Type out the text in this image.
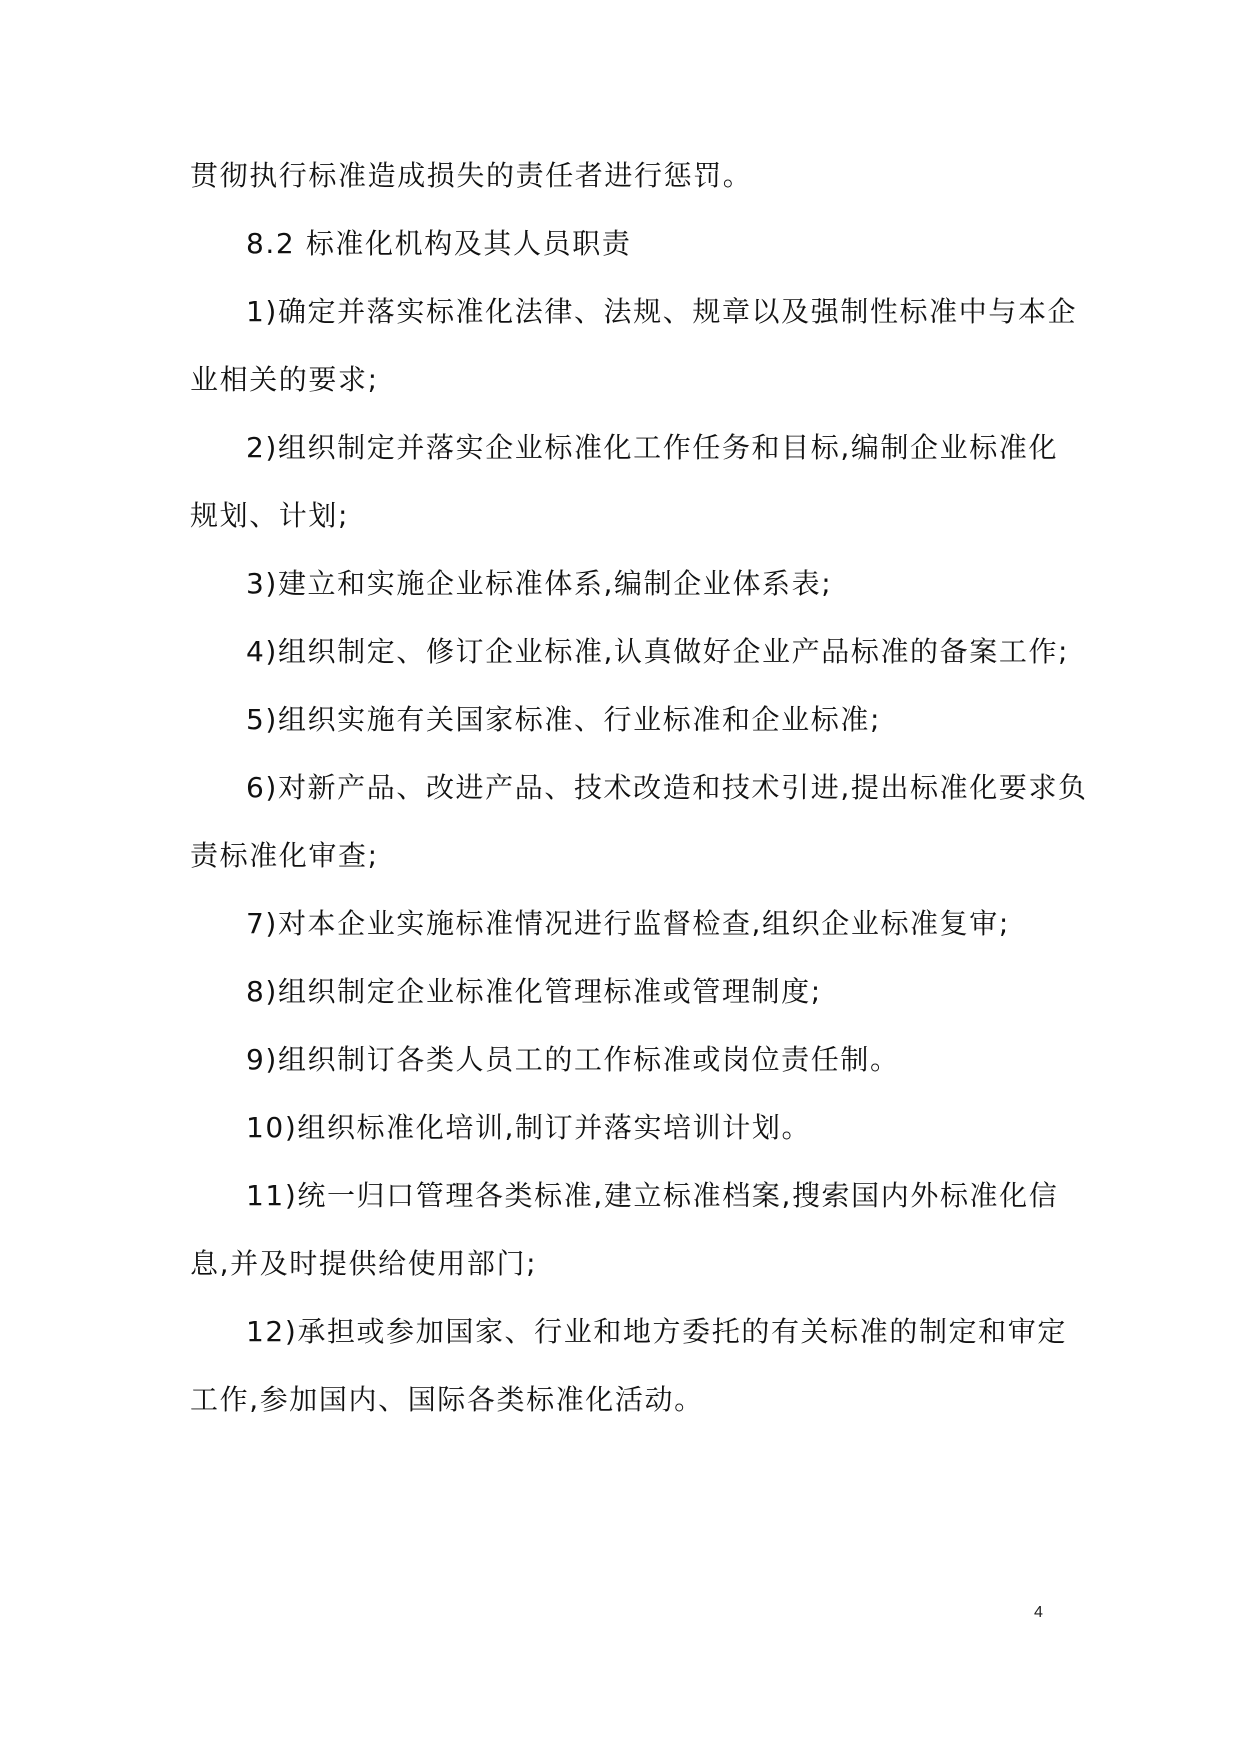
贯彻执行标准造成损失的责任者进行惩罚。
8.2 标准化机构及其人员职责
1)确定并落实标准化法律、法规、规章以及强制性标准中与本企
业相关的要求;
2)组织制定并落实企业标准化工作任务和目标,编制企业标准化
规划、计划;
3)建立和实施企业标准体系,编制企业体系表;
4)组织制定、修订企业标准,认真做好企业产品标准的备案工作;
5)组织实施有关国家标准、行业标准和企业标准;
6)对新产品、改进产品、技术改造和技术引进,提出标准化要求负
责标准化审查;
7)对本企业实施标准情况进行监督检查,组织企业标准复审;
8)组织制定企业标准化管理标准或管理制度;
9)组织制订各类人员工的工作标准或岗位责任制。
10)组织标准化培训,制订并落实培训计划。
11)统一归口管理各类标准,建立标准档案,搜索国内外标准化信
息,并及时提供给使用部门;
12)承担或参加国家、行业和地方委托的有关标准的制定和审定
工作,参加国内、国际各类标准化活动。
4
